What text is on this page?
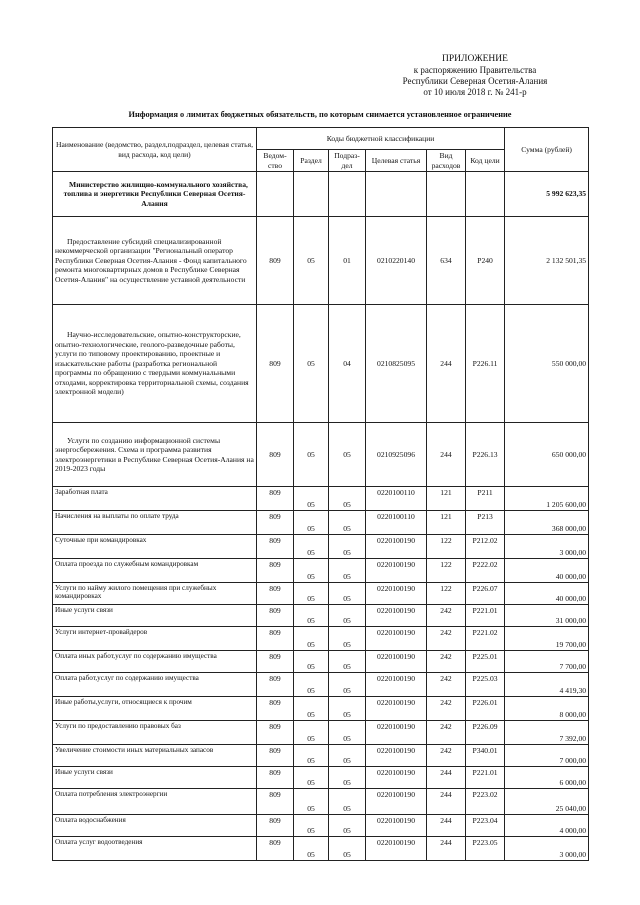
ПРИЛОЖЕНИЕ
к распоряжению Правительства
Республики Северная Осетия-Алания
от 10 июля 2018 г. № 241-р
Информация о лимитах бюджетных обязательств, по которым снимается установленное ограничение
Наименование (ведомство, раздел,подраздел, целевая статья, вид расхода, код цели)	Коды бюджетной классификации						Сумма (рублей)
	Ведом-ство	Раздел	Подраз-дел	Целевая статья	Вид расходов	Код цели	
Министерство жилищно-коммунального хозяйства, топлива и энергетики Республики Северная Осетия-Алания							5 992 623,35
Предоставление субсидий специализированной некоммерческой организации "Региональный оператор Республики Северная Осетия-Алания - Фонд капитального ремонта многоквартирных домов в Республике Северная Осетия-Алания" на осуществление уставной деятельности	809	05	01	0210220140	634	P240	2 132 501,35
Научно-исследовательские, опытно-конструкторские, опытно-технологические, геолого-разведочные работы, услуги по типовому проектированию, проектные и изыскательские работы (разработка региональной программы по обращению с твердыми коммунальными отходами, корректировка территориальной схемы, создания электронной модели)	809	05	04	0210825095	244	P226.11	550 000,00
Услуги по созданию информационной системы энергосбережения. Схема и программа развития электроэнергетики в Республике Северная Осетия-Алания на 2019-2023 годы	809	05	05	0210925096	244	P226.13	650 000,00
Заработная плата	809	05	05	0220100110	121	P211	1 205 600,00
Начисления на выплаты по оплате труда	809	05	05	0220100110	121	P213	368 000,00
Суточные при командировках	809	05	05	0220100190	122	P212.02	3 000,00
Оплата проезда по служебным командировкам	809	05	05	0220100190	122	P222.02	40 000,00
Услуги по найму жилого помещения при служебных командировках	809	05	05	0220100190	122	P226.07	40 000,00
Иные услуги связи	809	05	05	0220100190	242	P221.01	31 000,00
Услуги интернет-провайдеров	809	05	05	0220100190	242	P221.02	19 700,00
Оплата иных работ,услуг по содержанию имущества	809	05	05	0220100190	242	P225.01	7 700,00
Оплата работ,услуг по содержанию имущества	809	05	05	0220100190	242	P225.03	4 419,30
Иные работы,услуги, относящиеся к прочим	809	05	05	0220100190	242	P226.01	8 000,00
Услуги по предоставлению правовых баз	809	05	05	0220100190	242	P226.09	7 392,00
Увеличение стоимости иных материальных запасов	809	05	05	0220100190	242	P340.01	7 000,00
Иные услуги связи	809	05	05	0220100190	244	P221.01	6 000,00
Оплата потребления электроэнергии	809	05	05	0220100190	244	P223.02	25 040,00
Оплата водоснабжения	809	05	05	0220100190	244	P223.04	4 000,00
Оплата услуг водоотведения	809	05	05	0220100190	244	P223.05	3 000,00
